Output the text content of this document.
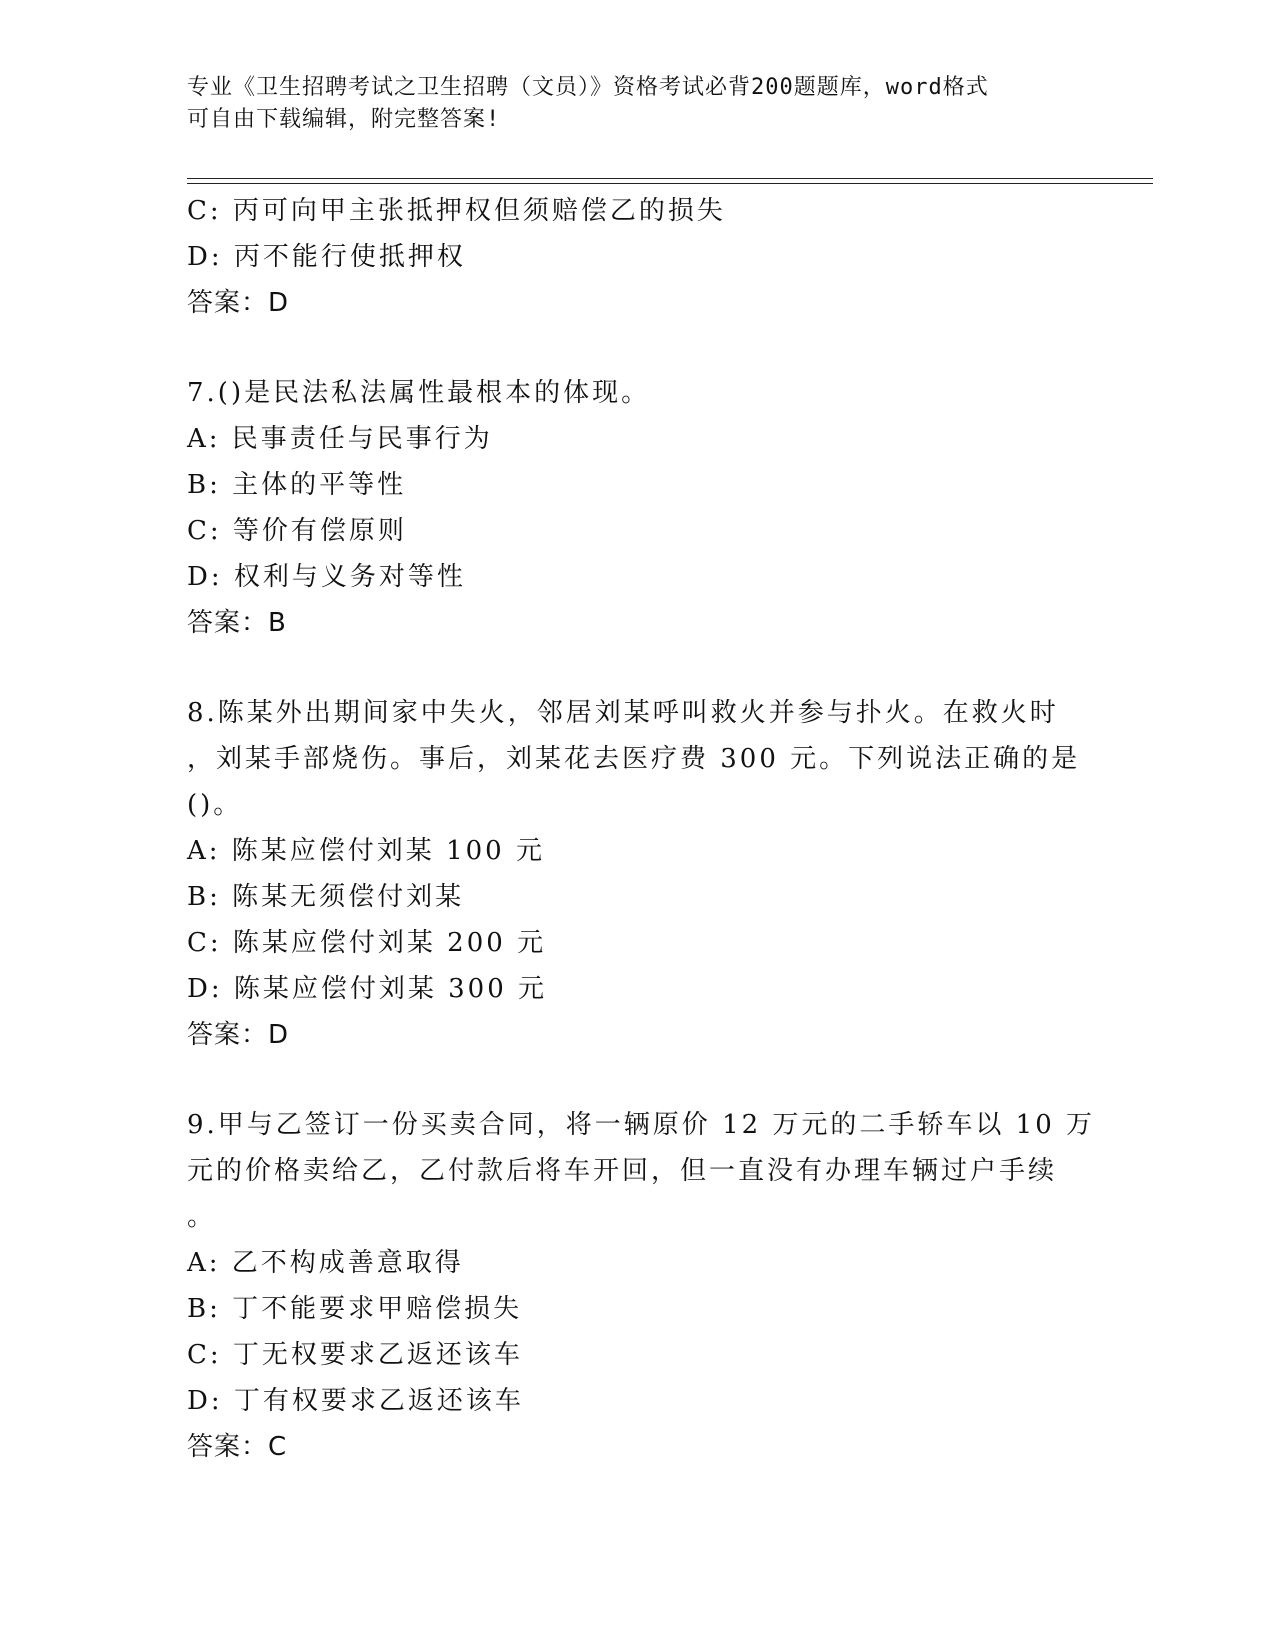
专业《卫生招聘考试之卫生招聘（文员）》资格考试必背200题题库，word格式
可自由下载编辑，附完整答案!
C: 丙可向甲主张抵押权但须赔偿乙的损失
D: 丙不能行使抵押权
答案：D
7.()是民法私法属性最根本的体现。
A: 民事责任与民事行为
B: 主体的平等性
C: 等价有偿原则
D: 权利与义务对等性
答案：B
8.陈某外出期间家中失火，邻居刘某呼叫救火并参与扑火。在救火时
，刘某手部烧伤。事后，刘某花去医疗费 300 元。下列说法正确的是
()。
A: 陈某应偿付刘某 100 元
B: 陈某无须偿付刘某
C: 陈某应偿付刘某 200 元
D: 陈某应偿付刘某 300 元
答案：D
9.甲与乙签订一份买卖合同，将一辆原价 12 万元的二手轿车以 10 万
元的价格卖给乙，乙付款后将车开回，但一直没有办理车辆过户手续
。
A: 乙不构成善意取得
B: 丁不能要求甲赔偿损失
C: 丁无权要求乙返还该车
D: 丁有权要求乙返还该车
答案：C
